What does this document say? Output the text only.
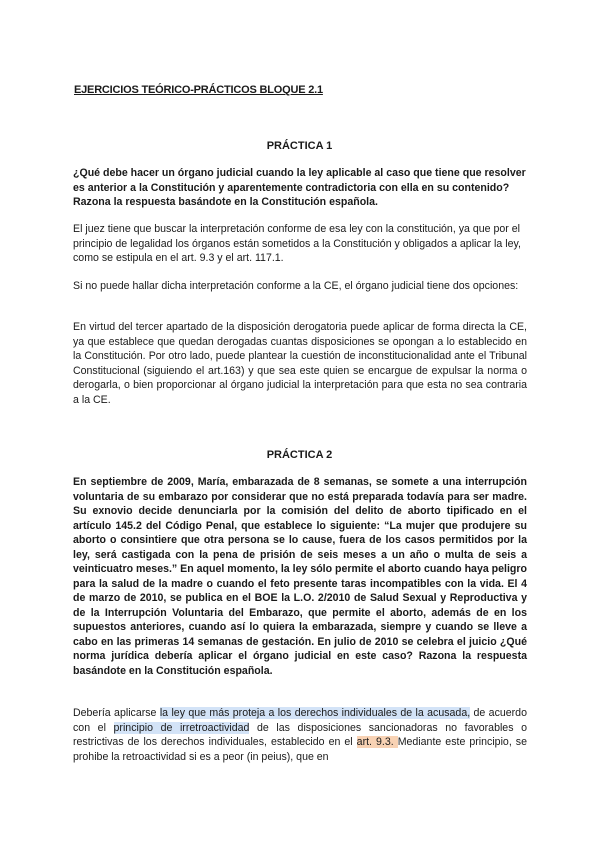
EJERCICIOS TEÓRICO-PRÁCTICOS BLOQUE 2.1
PRÁCTICA 1

¿Qué debe hacer un órgano judicial cuando la ley aplicable al caso que tiene que resolver es anterior a la Constitución y aparentemente contradictoria con ella en su contenido? Razona la respuesta basándote en la Constitución española.

El juez tiene que buscar la interpretación conforme de esa ley con la constitución, ya que por el principio de legalidad los órganos están sometidos a la Constitución y obligados a aplicar la ley, como se estipula en el art. 9.3 y el art. 117.1.

Si no puede hallar dicha interpretación conforme a la CE, el órgano judicial tiene dos opciones:

En virtud del tercer apartado de la disposición derogatoria puede aplicar de forma directa la CE, ya que establece que quedan derogadas cuantas disposiciones se opongan a lo establecido en la Constitución. Por otro lado, puede plantear la cuestión de inconstitucionalidad ante el Tribunal Constitucional (siguiendo el art.163) y que sea este quien se encargue de expulsar la norma o derogarla, o bien proporcionar al órgano judicial la interpretación para que esta no sea contraria a la CE.

PRÁCTICA 2

En septiembre de 2009, María, embarazada de 8 semanas, se somete a una interrupción voluntaria de su embarazo por considerar que no está preparada todavía para ser madre. Su exnovio decide denunciarla por la comisión del delito de aborto tipificado en el artículo 145.2 del Código Penal, que establece lo siguiente: “La mujer que produjere su aborto o consintiere que otra persona se lo cause, fuera de los casos permitidos por la ley, será castigada con la pena de prisión de seis meses a un año o multa de seis a veinticuatro meses.” En aquel momento, la ley sólo permite el aborto cuando haya peligro para la salud de la madre o cuando el feto presente taras incompatibles con la vida. El 4 de marzo de 2010, se publica en el BOE la L.O. 2/2010 de Salud Sexual y Reproductiva y de la Interrupción Voluntaria del Embarazo, que permite el aborto, además de en los supuestos anteriores, cuando así lo quiera la embarazada, siempre y cuando se lleve a cabo en las primeras 14 semanas de gestación. En julio de 2010 se celebra el juicio ¿Qué norma jurídica debería aplicar el órgano judicial en este caso? Razona la respuesta basándote en la Constitución española.

Debería aplicarse la ley que más proteja a los derechos individuales de la acusada, de acuerdo con el principio de irretroactividad de las disposiciones sancionadoras no favorables o restrictivas de los derechos individuales, establecido en el art. 9.3. Mediante este principio, se prohibe la retroactividad si es a peor (in peius), que en
